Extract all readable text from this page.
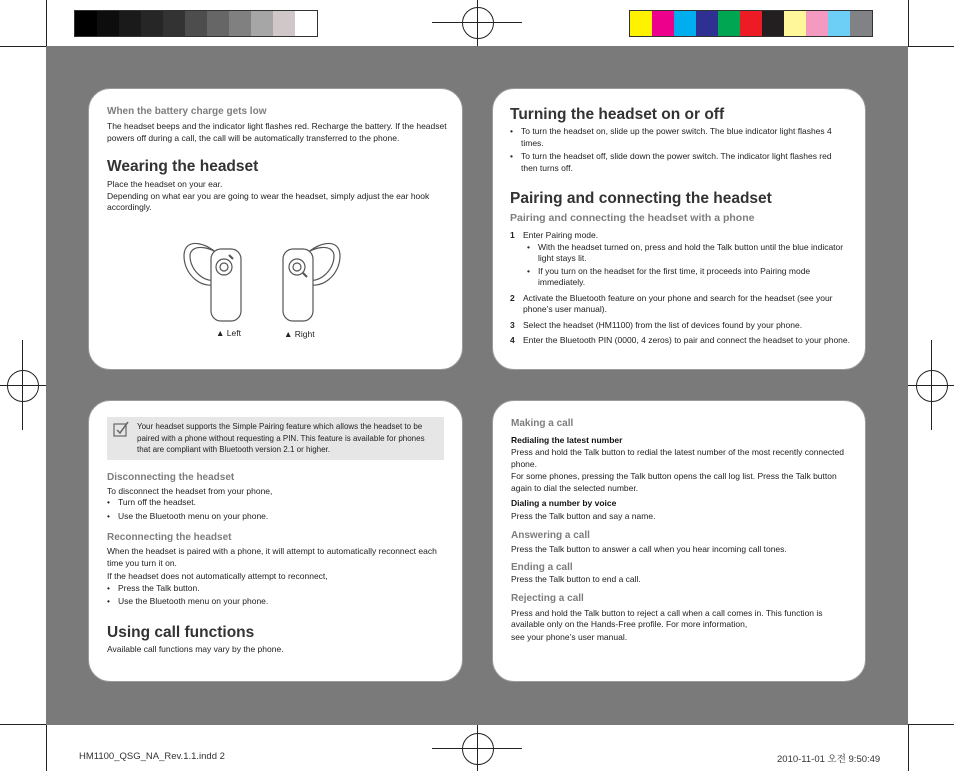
When the battery charge gets low

The headset beeps and the indicator light flashes red. Recharge the battery. If the headset powers off during a call, the call will be automatically transferred to the phone.

Wearing the headset

Place the headset on your ear.

Depending on what ear you are going to wear the headset, simply adjust the ear hook accordingly.

▲ Left	▲ Right

Turning the headset on or off

• To turn the headset on, slide up the power switch. The blue indicator light flashes 4 times.

• To turn the headset off, slide down the power switch. The indicator light flashes red then turns off.

Pairing and connecting the headset

Pairing and connecting the headset with a phone

1 Enter Pairing mode.

• With the headset turned on, press and hold the Talk button until the blue indicator light stays lit.

• If you turn on the headset for the first time, it proceeds into Pairing mode immediately.

2 Activate the Bluetooth feature on your phone and search for the headset (see your phone’s user manual).

3 Select the headset (HM1100) from the list of devices found by your phone.

4 Enter the Bluetooth PIN (0000, 4 zeros) to pair and connect the headset to your phone.

Your headset supports the Simple Pairing feature which allows the headset to be paired with a phone without requesting a PIN. This feature is available for phones that are compliant with Bluetooth version 2.1 or higher.

Disconnecting the headset

To disconnect the headset from your phone,

• Turn off the headset.

• Use the Bluetooth menu on your phone.

Reconnecting the headset

When the headset is paired with a phone, it will attempt to automatically reconnect each time you turn it on.

If the headset does not automatically attempt to reconnect,

• Press the Talk button.

• Use the Bluetooth menu on your phone.

Using call functions

Available call functions may vary by the phone.

Making a call

Redialing the latest number

Press and hold the Talk button to redial the latest number of the most recently connected phone.

For some phones, pressing the Talk button opens the call log list. Press the Talk button again to dial the selected number.

Dialing a number by voice

Press the Talk button and say a name.

Answering a call

Press the Talk button to answer a call when you hear incoming call tones.

Ending a call

Press the Talk button to end a call.

Rejecting a call

Press and hold the Talk button to reject a call when a call comes in. This function is available only on the Hands-Free profile. For more information,

see your phone’s user manual.

HM1100_QSG_NA_Rev.1.1.indd 2	2010-11-01 오전 9:50:49
